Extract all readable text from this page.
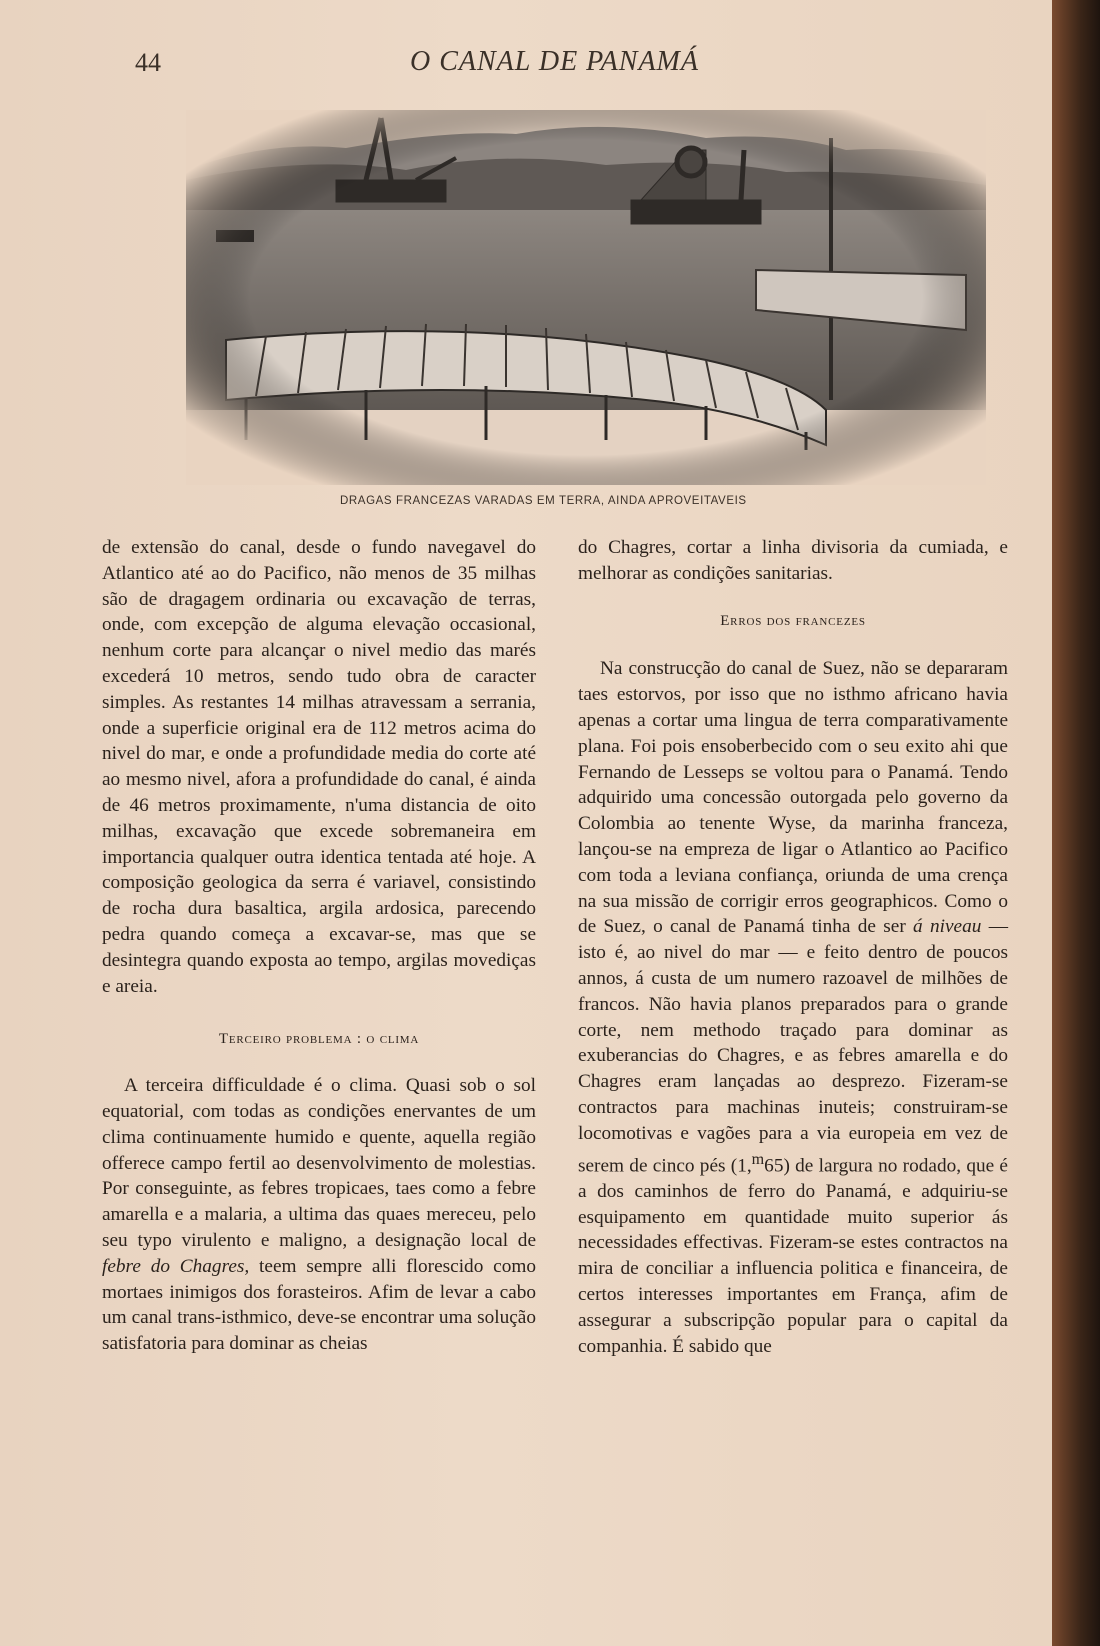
44	O CANAL DE PANAMÁ
DRAGAS FRANCEZAS VARADAS EM TERRA, AINDA APROVEITAVEIS

de extensão do canal, desde o fundo navegavel do Atlantico até ao do Pacifico, não menos de 35 milhas são de dragagem ordinaria ou excavação de terras, onde, com excepção de alguma elevação occasional, nenhum corte para alcançar o nivel medio das marés excederá 10 metros, sendo tudo obra de caracter simples. As restantes 14 milhas atravessam a serrania, onde a superficie original era de 112 metros acima do nivel do mar, e onde a profundidade media do corte até ao mesmo nivel, afora a profundidade do canal, é ainda de 46 metros proximamente, n'uma distancia de oito milhas, excavação que excede sobremaneira em importancia qualquer outra identica tentada até hoje. A composição geologica da serra é variavel, consistindo de rocha dura basaltica, argila ardosica, parecendo pedra quando começa a excavar-se, mas que se desintegra quando exposta ao tempo, argilas movediças e areia.

Terceiro problema : o clima

A terceira difficuldade é o clima. Quasi sob o sol equatorial, com todas as condições enervantes de um clima continuamente humido e quente, aquella região offerece campo fertil ao desenvolvimento de molestias. Por conseguinte, as febres tropicaes, taes como a febre amarella e a malaria, a ultima das quaes mereceu, pelo seu typo virulento e maligno, a designação local de febre do Chagres, teem sempre alli florescido como mortaes inimigos dos forasteiros. Afim de levar a cabo um canal trans-isthmico, deve-se encontrar uma solução satisfatoria para dominar as cheias

do Chagres, cortar a linha divisoria da cumiada, e melhorar as condições sanitarias.

Erros dos francezes

Na construcção do canal de Suez, não se depararam taes estorvos, por isso que no isthmo africano havia apenas a cortar uma lingua de terra comparativamente plana. Foi pois ensoberbecido com o seu exito ahi que Fernando de Lesseps se voltou para o Panamá. Tendo adquirido uma concessão outorgada pelo governo da Colombia ao tenente Wyse, da marinha franceza, lançou-se na empreza de ligar o Atlantico ao Pacifico com toda a leviana confiança, oriunda de uma crença na sua missão de corrigir erros geographicos. Como o de Suez, o canal de Panamá tinha de ser á niveau — isto é, ao nivel do mar — e feito dentro de poucos annos, á custa de um numero razoavel de milhões de francos. Não havia planos preparados para o grande corte, nem methodo traçado para dominar as exuberancias do Chagres, e as febres amarella e do Chagres eram lançadas ao desprezo. Fizeram-se contractos para machinas inuteis; construiram-se locomotivas e vagões para a via europeia em vez de serem de cinco pés (1,$^m$65) de largura no rodado, que é a dos caminhos de ferro do Panamá, e adquiriu-se esquipamento em quantidade muito superior ás necessidades effectivas. Fizeram-se estes contractos na mira de conciliar a influencia politica e financeira, de certos interesses importantes em França, afim de assegurar a subscripção popular para o capital da companhia. É sabido que
